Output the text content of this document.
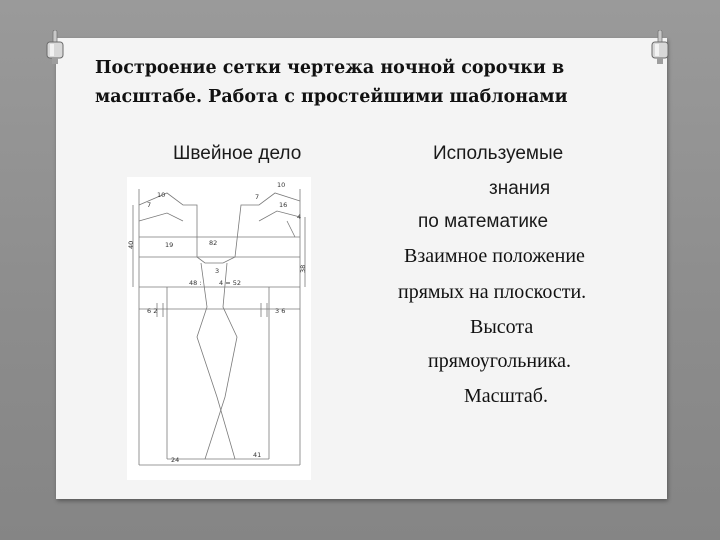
Построение сетки чертежа ночной сорочки в
масштабе. Работа с простейшими шаблонами
Швейное дело
10
10
7
7
16
4
40	19	82
38
3
48 :	4 = 52
6 2	3 6
24
41
Используемые
знания
по математике
Взаимное положение
прямых на плоскости.
Высота
прямоугольника.
Масштаб.
